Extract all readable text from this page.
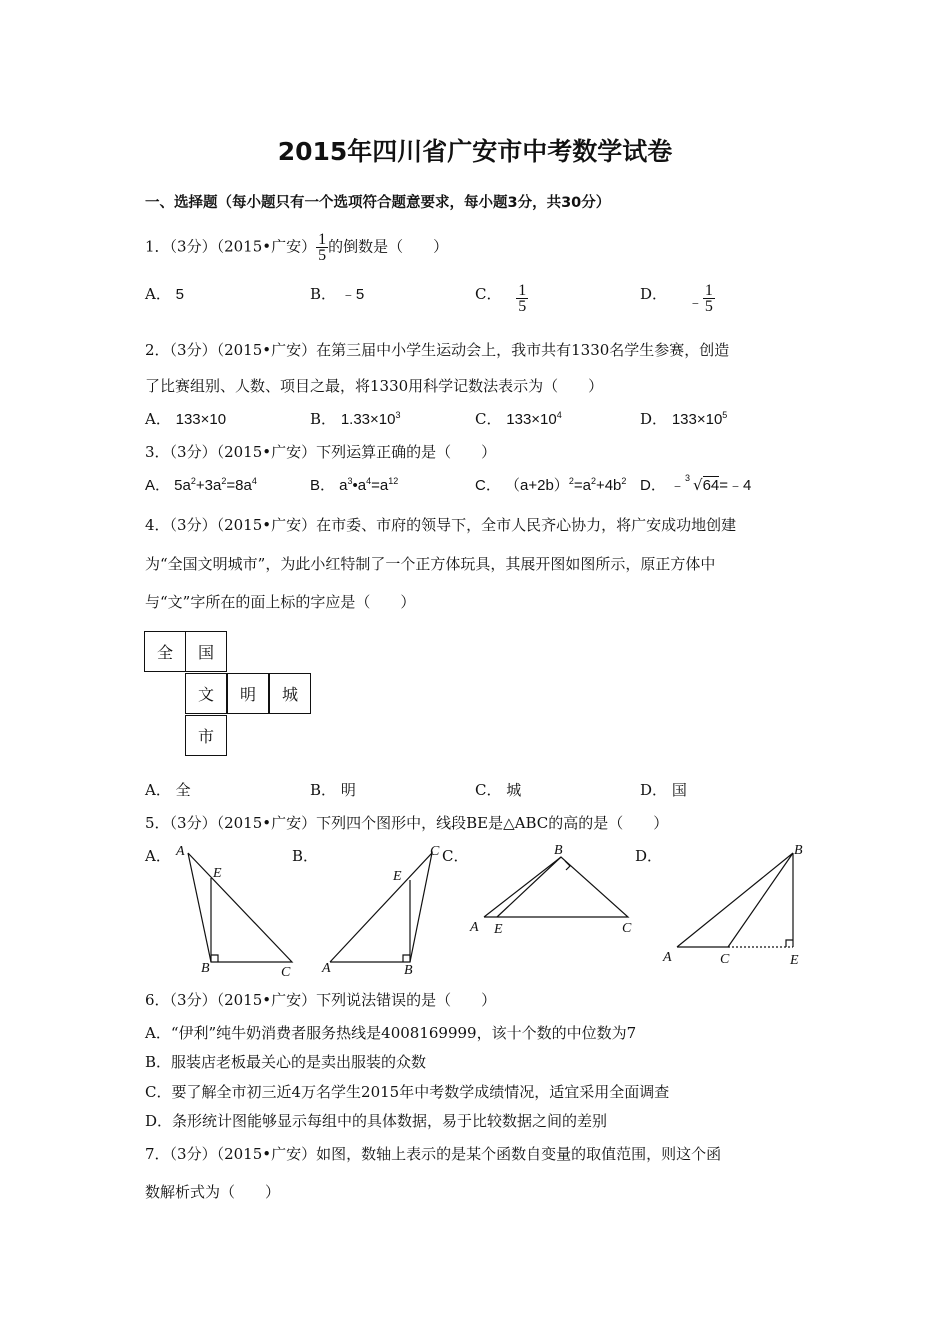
2015年四川省广安市中考数学试卷
一、选择题（每小题只有一个选项符合题意要求，每小题3分，共30分）
1．（3分）（2015•广安） $\frac{1}{5}$ 的倒数是（　　）
A． 5	B． ﹣5	C． $\frac{1}{5}$	D． ﹣ $\frac{1}{5}$
2．（3分）（2015•广安）在第三届中小学生运动会上，我市共有1330名学生参赛，创造
了比赛组别、人数、项目之最，将1330用科学记数法表示为（　　）
A． 133×10	B． $1.33\times 10^3$	C． $133\times 10^4$	D． $133\times 10^5$
3．（3分）（2015•广安）下列运算正确的是（　　）
A． $5a^2+3a^2=8a^4$	B． $a^3•a^4=a^{12}$	C． $(a+2b)^2=a^2+4b^2$ D． ﹣ 3 √64=﹣4
4．（3分）（2015•广安）在市委、市府的领导下，全市人民齐心协力，将广安成功地创建
为“全国文明城市”，为此小红特制了一个正方体玩具，其展开图如图所示，原正方体中
与“文”字所在的面上标的字应是（　　）
全	国
文	明	城
市
A． 全	B． 明	C． 城	D． 国
5．（3分）（2015•广安）下列四个图形中，线段BE是△ABC的高的是（　　）
A．	B．	C．	D．
A
E
B	C A
E
B
C
A E
B
C
A	C
B
E
6．（3分）（2015•广安）下列说法错误的是（　　）
A．“伊利”纯牛奶消费者服务热线是4008169999，该十个数的中位数为7
B．服装店老板最关心的是卖出服装的众数
C．要了解全市初三近4万名学生2015年中考数学成绩情况，适宜采用全面调查
D．条形统计图能够显示每组中的具体数据，易于比较数据之间的差别
7．（3分）（2015•广安）如图，数轴上表示的是某个函数自变量的取值范围，则这个函
数解析式为（　　）
